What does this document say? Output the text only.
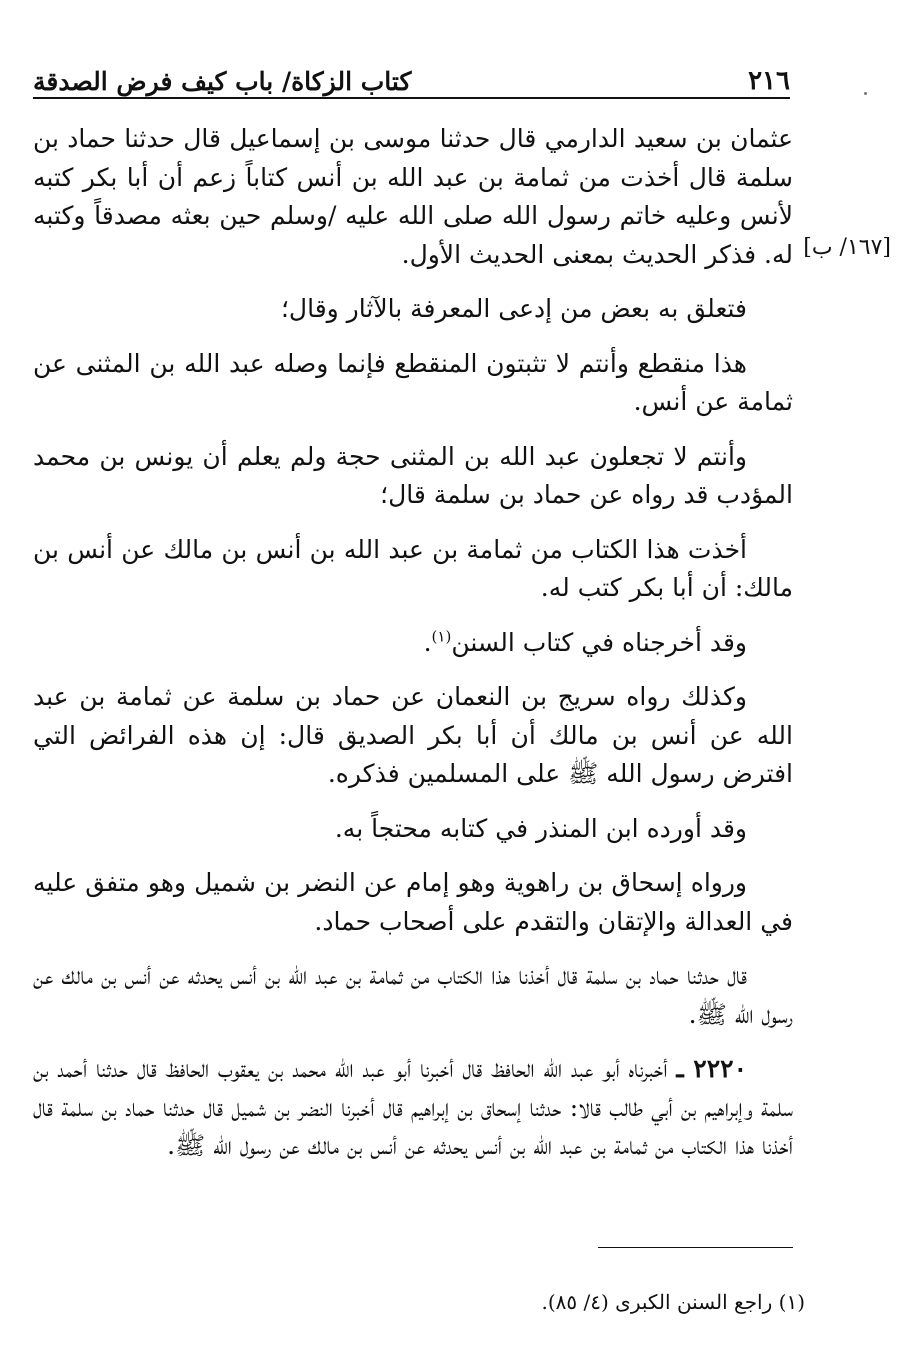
٢١٦
كتاب الزكاة/ باب كيف فرض الصدقة
[١٦٧/ ب]

عثمان بن سعيد الدارمي قال حدثنا موسى بن إسماعيل قال حدثنا حماد بن سلمة قال أخذت من ثمامة بن عبد الله بن أنس كتاباً زعم أن أبا بكر كتبه لأنس وعليه خاتم رسول الله صلى الله عليه /وسلم حين بعثه مصدقاً وكتبه له. فذكر الحديث بمعنى الحديث الأول.

فتعلق به بعض من إدعى المعرفة بالآثار وقال؛

هذا منقطع وأنتم لا تثبتون المنقطع فإنما وصله عبد الله بن المثنى عن ثمامة عن أنس.

وأنتم لا تجعلون عبد الله بن المثنى حجة ولم يعلم أن يونس بن محمد المؤدب قد رواه عن حماد بن سلمة قال؛

أخذت هذا الكتاب من ثمامة بن عبد الله بن أنس بن مالك عن أنس بن مالك: أن أبا بكر كتب له.

وقد أخرجناه في كتاب السنن$^{(١)}$.

وكذلك رواه سريج بن النعمان عن حماد بن سلمة عن ثمامة بن عبد الله عن أنس بن مالك أن أبا بكر الصديق قال: إن هذه الفرائض التي افترض رسول الله ﷺ على المسلمين فذكره.

وقد أورده ابن المنذر في كتابه محتجاً به.

ورواه إسحاق بن راهوية وهو إمام عن النضر بن شميل وهو متفق عليه في العدالة والإتقان والتقدم على أصحاب حماد.

قال حدثنا حماد بن سلمة قال أخذنا هذا الكتاب من ثمامة بن عبد الله بن أنس يحدثه عن أنس بن مالك عن رسول الله ﷺ.

٢٢٢٠ ـ أخبرناه أبو عبد الله الحافظ قال أخبرنا أبو عبد الله محمد بن يعقوب الحافظ قال حدثنا أحمد بن سلمة وإبراهيم بن أبي طالب قالا: حدثنا إسحاق بن إبراهيم قال أخبرنا النضر بن شميل قال حدثنا حماد بن سلمة قال أخذنا هذا الكتاب من ثمامة بن عبد الله بن أنس يحدثه عن أنس بن مالك عن رسول الله ﷺ.

(١) راجع السنن الكبرى (٤/ ٨٥).
